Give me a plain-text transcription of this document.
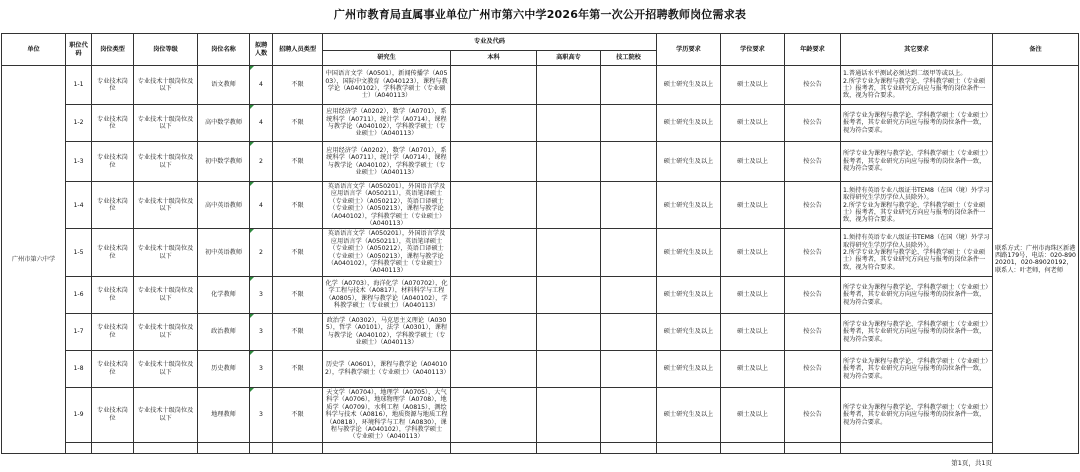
广州市教育局直属事业单位广州市第六中学2026年第一次公开招聘教师岗位需求表
单位	职位代码	岗位类型	岗位等级	岗位名称	拟聘人数	招聘人员类型	专业及代码				学历要求	学位要求	年龄要求	其它要求	备注
							研究生	本科	高职高专	技工院校					
广州市第六中学	1-1	专业技术岗位	专业技术十级岗位及以下	语文教师	4	不限	中国语言文学（A0501），新闻传播学（A0503），国际中文教育（A040123），课程与教学论（A040102），学科教学硕士（专业硕士）（A040113）				硕士研究生及以上	硕士及以上	按公告	1.普通话水平测试必须达到二级甲等或以上。
2.所学专业为课程与教学论、学科教学硕士（专业硕士）报考者，其专业研究方向应与报考的岗位条件一致，视为符合要求。	联系方式：广州市海珠区新港西路179号，电话：020-89020201，020-89020192，联系人：叶老师，何老师
	1-2	专业技术岗位	专业技术十级岗位及以下	高中数学教师	4	不限	应用经济学（A0202），数学（A0701），系统科学（A0711），统计学（A0714），课程与教学论（A040102），学科教学硕士（专业硕士）（A040113）				硕士研究生及以上	硕士及以上	按公告	所学专业为课程与教学论、学科教学硕士（专业硕士）报考者，其专业研究方向应与报考的岗位条件一致，视为符合要求。	
	1-3	专业技术岗位	专业技术十级岗位及以下	初中数学教师	2	不限	应用经济学（A0202），数学（A0701），系统科学（A0711），统计学（A0714），课程与教学论（A040102），学科教学硕士（专业硕士）（A040113）				硕士研究生及以上	硕士及以上	按公告	所学专业为课程与教学论、学科教学硕士（专业硕士）报考者，其专业研究方向应与报考的岗位条件一致，视为符合要求。	
	1-4	专业技术岗位	专业技术十级岗位及以下	高中英语教师	4	不限	英语语言文学（A050201），外国语言学及应用语言学（A050211），英语笔译硕士（专业硕士）（A050212），英语口译硕士（专业硕士）（A050213），课程与教学论（A040102），学科教学硕士（专业硕士）（A040113）				硕士研究生及以上	硕士及以上	按公告	1.须持有英语专业八级证书TEM8（在国（境）外学习取得研究生学历学位人员除外）。
2.所学专业为课程与教学论、学科教学硕士（专业硕士）报考者，其专业研究方向应与报考的岗位条件一致，视为符合要求。	
	1-5	专业技术岗位	专业技术十级岗位及以下	初中英语教师	2	不限	英语语言文学（A050201），外国语言学及应用语言学（A050211），英语笔译硕士（专业硕士）（A050212），英语口译硕士（专业硕士）（A050213），课程与教学论（A040102），学科教学硕士（专业硕士）（A040113）				硕士研究生及以上	硕士及以上	按公告	1.须持有英语专业八级证书TEM8（在国（境）外学习取得研究生学历学位人员除外）。
2.所学专业为课程与教学论、学科教学硕士（专业硕士）报考者，其专业研究方向应与报考的岗位条件一致，视为符合要求。	
	1-6	专业技术岗位	专业技术十级岗位及以下	化学教师	3	不限	化学（A0703），海洋化学（A070702），化学工程与技术（A0817），材料科学与工程（A0805），课程与教学论（A040102），学科教学硕士（专业硕士）（A040113）				硕士研究生及以上	硕士及以上	按公告	所学专业为课程与教学论、学科教学硕士（专业硕士）报考者，其专业研究方向应与报考的岗位条件一致，视为符合要求。	
	1-7	专业技术岗位	专业技术十级岗位及以下	政治教师	3	不限	政治学（A0302），马克思主义理论（A0305），哲学（A0101），法学（A0301），课程与教学论（A040102），学科教学硕士（专业硕士）（A040113）				硕士研究生及以上	硕士及以上	按公告	所学专业为课程与教学论、学科教学硕士（专业硕士）报考者，其专业研究方向应与报考的岗位条件一致，视为符合要求。	
	1-8	专业技术岗位	专业技术十级岗位及以下	历史教师	3	不限	历史学（A0601），课程与教学论（A040102），学科教学硕士（专业硕士）（A040113）				硕士研究生及以上	硕士及以上	按公告	所学专业为课程与教学论、学科教学硕士（专业硕士）报考者，其专业研究方向应与报考的岗位条件一致，视为符合要求。	
	1-9	专业技术岗位	专业技术十级岗位及以下	地理教师	3	不限	天文学（A0704），地理学（A0705），大气科学（A0706），地球物理学（A0708），地质学（A0709），水利工程（A0815），测绘科学与技术（A0816），地质资源与地质工程（A0818），环境科学与工程（A0830），课程与教学论（A040102），学科教学硕士（专业硕士）（A040113）				硕士研究生及以上	硕士及以上	按公告	所学专业为课程与教学论、学科教学硕士（专业硕士）报考者，其专业研究方向应与报考的岗位条件一致，视为符合要求。	

第1页，共1页
